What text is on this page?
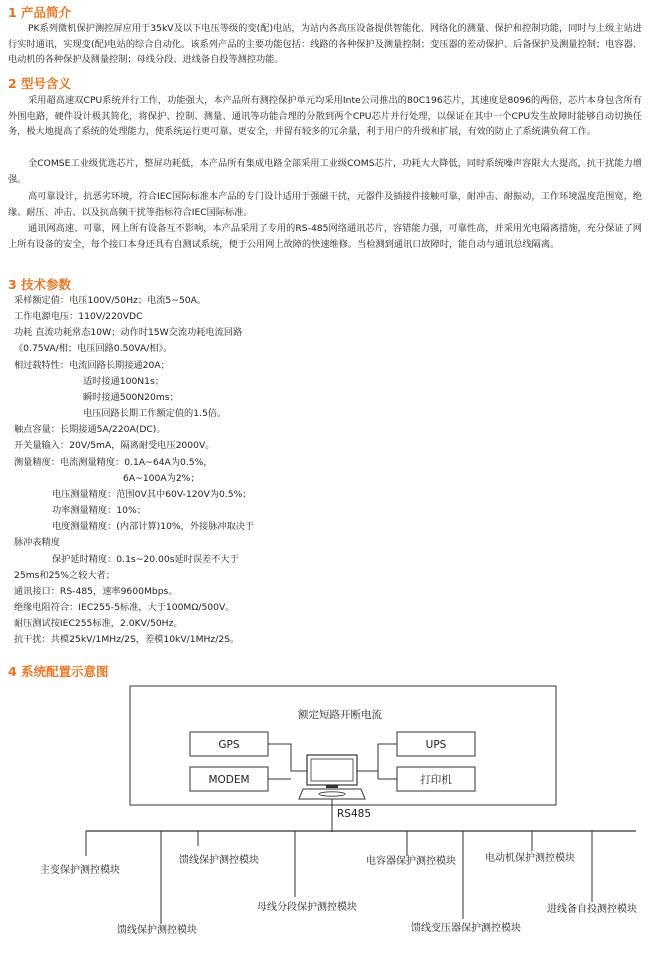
1 产品简介

PK系列微机保护测控屏应用于35kV及以下电压等级的变(配)电站，为站内各高压设备提供智能化、网络化的测量、保护和控制功能，同时与上级主站进行实时通讯，实现变(配)电站的综合自动化。该系列产品的主要功能包括：线路的各种保护及测量控制；变压器的差动保护、后备保护及测量控制；电容器、电动机的各种保护及测量控制；母线分段、进线备自投等测控功能。

2 型号含义

采用超高速双CPU系统并行工作，功能强大，本产品所有测控保护单元均采用Inte公司推出的80C196芯片，其速度是8096的两倍，芯片本身包含所有外围电路，硬件设计极其简化，将保护、控制、测量、通讯等功能合理的分散到两个CPU芯片并行处理，以保证在其中一个CPU发生故障时能够自动切换任务，极大地提高了系统的处理能力，使系统运行更可靠、更安全，并留有较多的冗余量，利于用户的升级和扩展，有效的防止了系统满负荷工作。

全COMSE工业级优选芯片，整屏功耗低，本产品所有集成电路全部采用工业级COMS芯片，功耗大大降低，同时系统噪声容限大大提高，抗干扰能力增强。

高可靠设计，抗恶劣环境，符合IEC国际标准本产品的专门设计适用于强磁干扰，元器件及插接件接触可靠，耐冲击、耐振动，工作环境温度范围宽，绝缘、耐压、冲击、以及抗高频干扰等指标符合IEC国际标准。

通讯网高速、可靠，网上所有设备互不影响，本产品采用了专用的RS-485网络通讯芯片，容错能力强，可靠性高，并采用光电隔离措施，充分保证了网上所有设备的安全，每个接口本身还具有自测试系统，便于公用网上故障的快速维修。当检测到通讯口故障时，能自动与通讯总线隔离。

3 技术参数

采样额定值：电压100V/50Hz；电流5~50A。

工作电源电压：110V/220VDC

功耗 直流功耗常态10W；动作时15W交流功耗电流回路

《0.75VA/相；电压回路0.50VA/相》。

相过载特性：电流回路长期接通20A；

适时接通100N1s；

瞬时接通500N20ms；

电压回路长期工作额定值的1.5倍。

触点容量：长期接通5A/220A(DC)。

开关量输入：20V/5mA，隔离耐受电压2000V。

测量精度：电流测量精度：0.1A~64A为0.5%，

6A~100A为2%；

电压测量精度：范围0V其中60V-120V为0.5%；

功率测量精度：10%；

电度测量精度：(内部计算)10%，外接脉冲取决于

脉冲表精度

保护延时精度：0.1s~20.00s延时误差不大于

25ms和25%之较大者；

通讯接口：RS-485，速率9600Mbps。

绝缘电阻符合：IEC255-5标准，大于100MΩ/500V。

耐压测试按IEC255标准，2.0KV/50Hz。

抗干扰：共模25kV/1MHz/2S，差模10kV/1MHz/2S。

4 系统配置示意图
额定短路开断电流
GPS
MODEM
UPS
打印机
RS485
主变保护测控模块
馈线保护测控模块
馈线保护测控模块
母线分段保护测控模块
电容器保护测控模块
馈线变压器保护测控模块
电动机保护测控模块
进线备自投测控模块
